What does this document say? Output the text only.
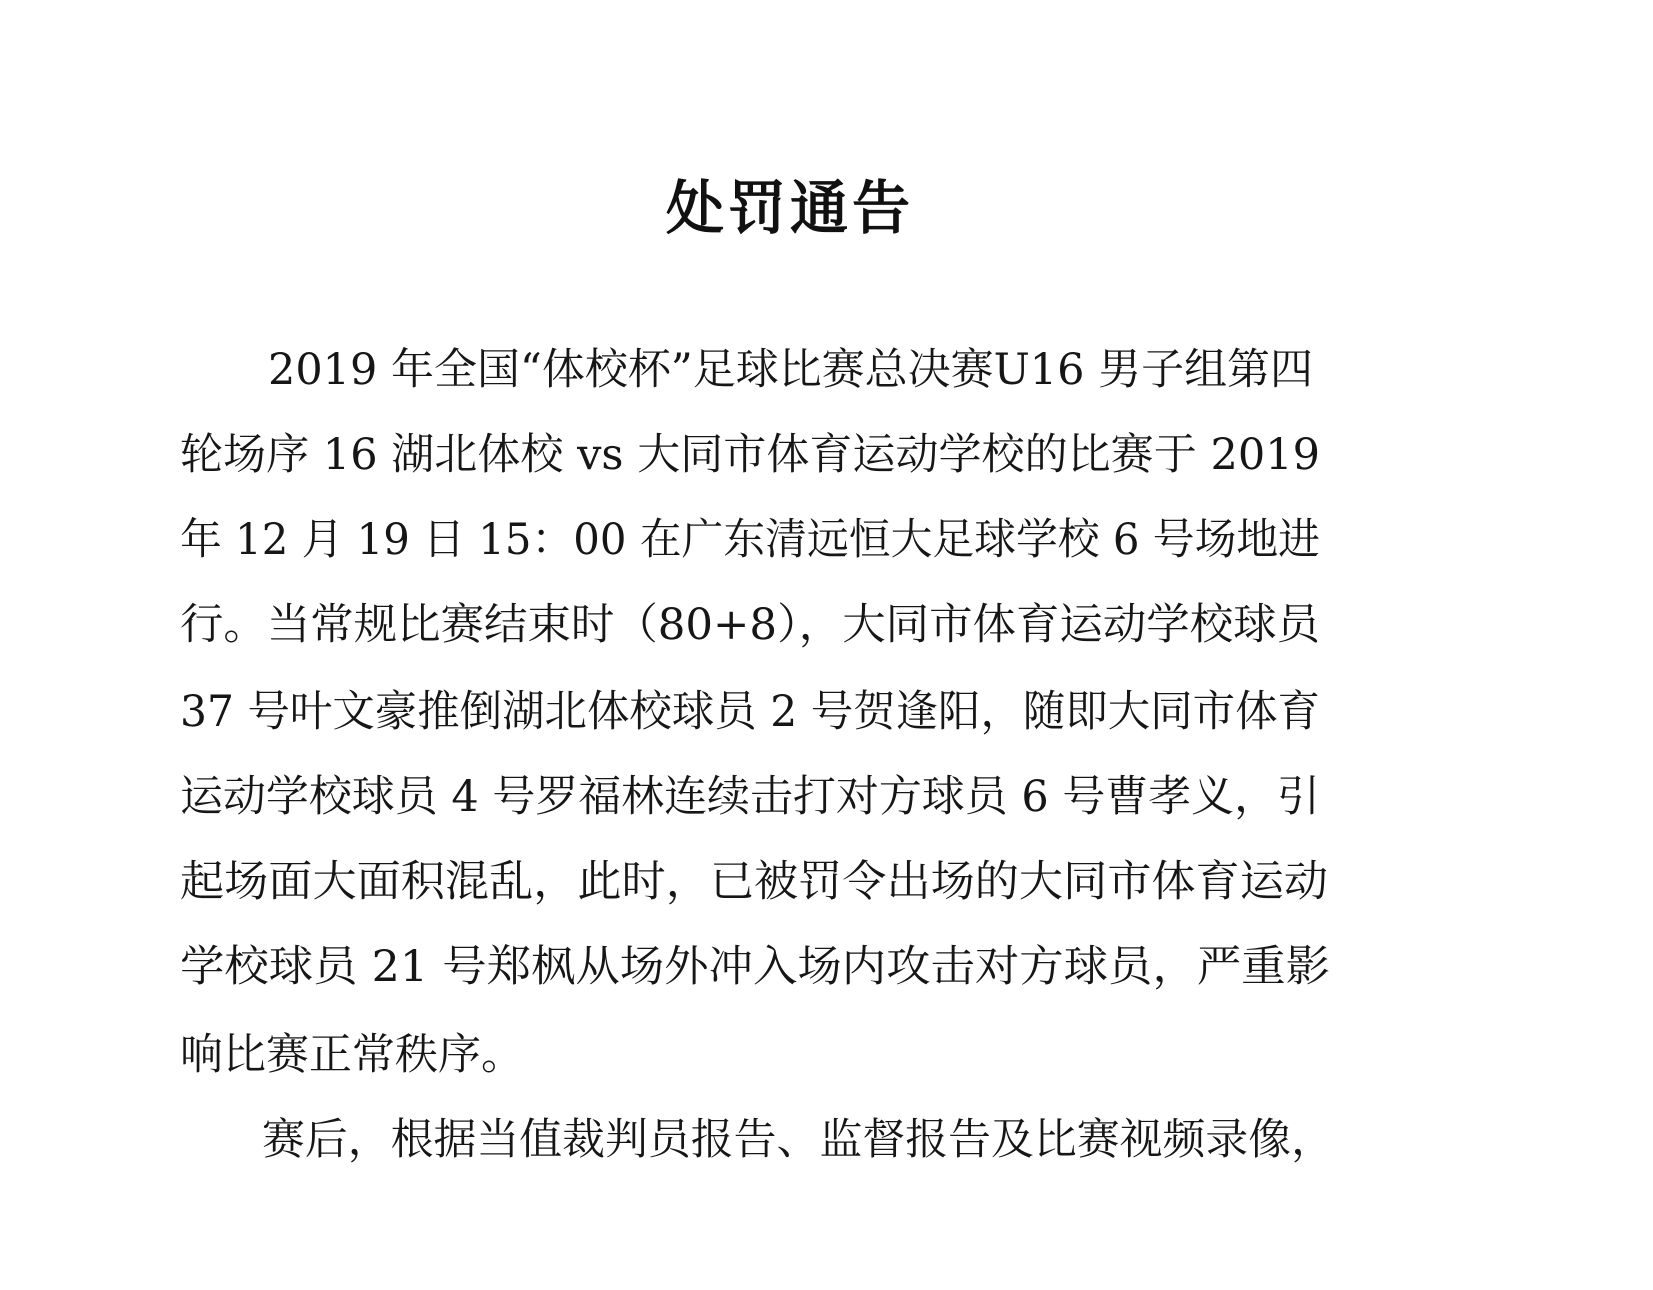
处罚通告

2019 年全国“体校杯”足球比赛总决赛U16 男子组第四

轮场序 16 湖北体校 vs 大同市体育运动学校的比赛于 2019

年 12 月 19 日 15：00 在广东清远恒大足球学校 6 号场地进

行。当常规比赛结束时（80+8），大同市体育运动学校球员

37 号叶文豪推倒湖北体校球员 2 号贺逢阳，随即大同市体育

运动学校球员 4 号罗福林连续击打对方球员 6 号曹孝义，引

起场面大面积混乱，此时，已被罚令出场的大同市体育运动

学校球员 21 号郑枫从场外冲入场内攻击对方球员，严重影

响比赛正常秩序。

赛后，根据当值裁判员报告、监督报告及比赛视频录像，
